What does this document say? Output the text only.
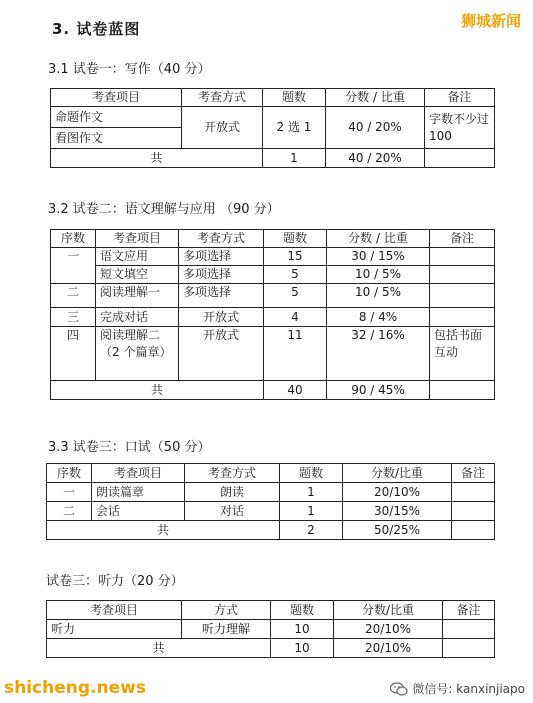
3. 试卷蓝图	狮城新闻
3.1 试卷一：写作（40 分）
考查项目	考查方式	题数	分数 / 比重	备注
命题作文	开放式	2 选 1	40 / 20%	字数不少过 100
看图作文				
共		1	40 / 20%	
3.2 试卷二：语文理解与应用 （90 分）
序数	考查项目	考查方式	题数	分数 / 比重	备注
一	语文应用	多项选择	15	30 / 15%	
	短文填空	多项选择	5	10 / 5%	
二	阅读理解一	多项选择	5	10 / 5%	
三	完成对话	开放式	4	8 / 4%	
四	阅读理解二（2 个篇章）	开放式	11	32 / 16%	包括书面互动
共			40	90 / 45%	
3.3 试卷三：口试（50 分）
序数	考查项目	考查方式	题数	分数/比重	备注
一	朗读篇章	朗读	1	20/10%	
二	会话	对话	1	30/15%	
共			2	50/25%	
试卷三：听力（20 分）
考查项目	方式	题数	分数/比重	备注
听力	听力理解	10	20/10%	
共		10	20/10%	
shicheng.news	微信号: kanxinjiapo
